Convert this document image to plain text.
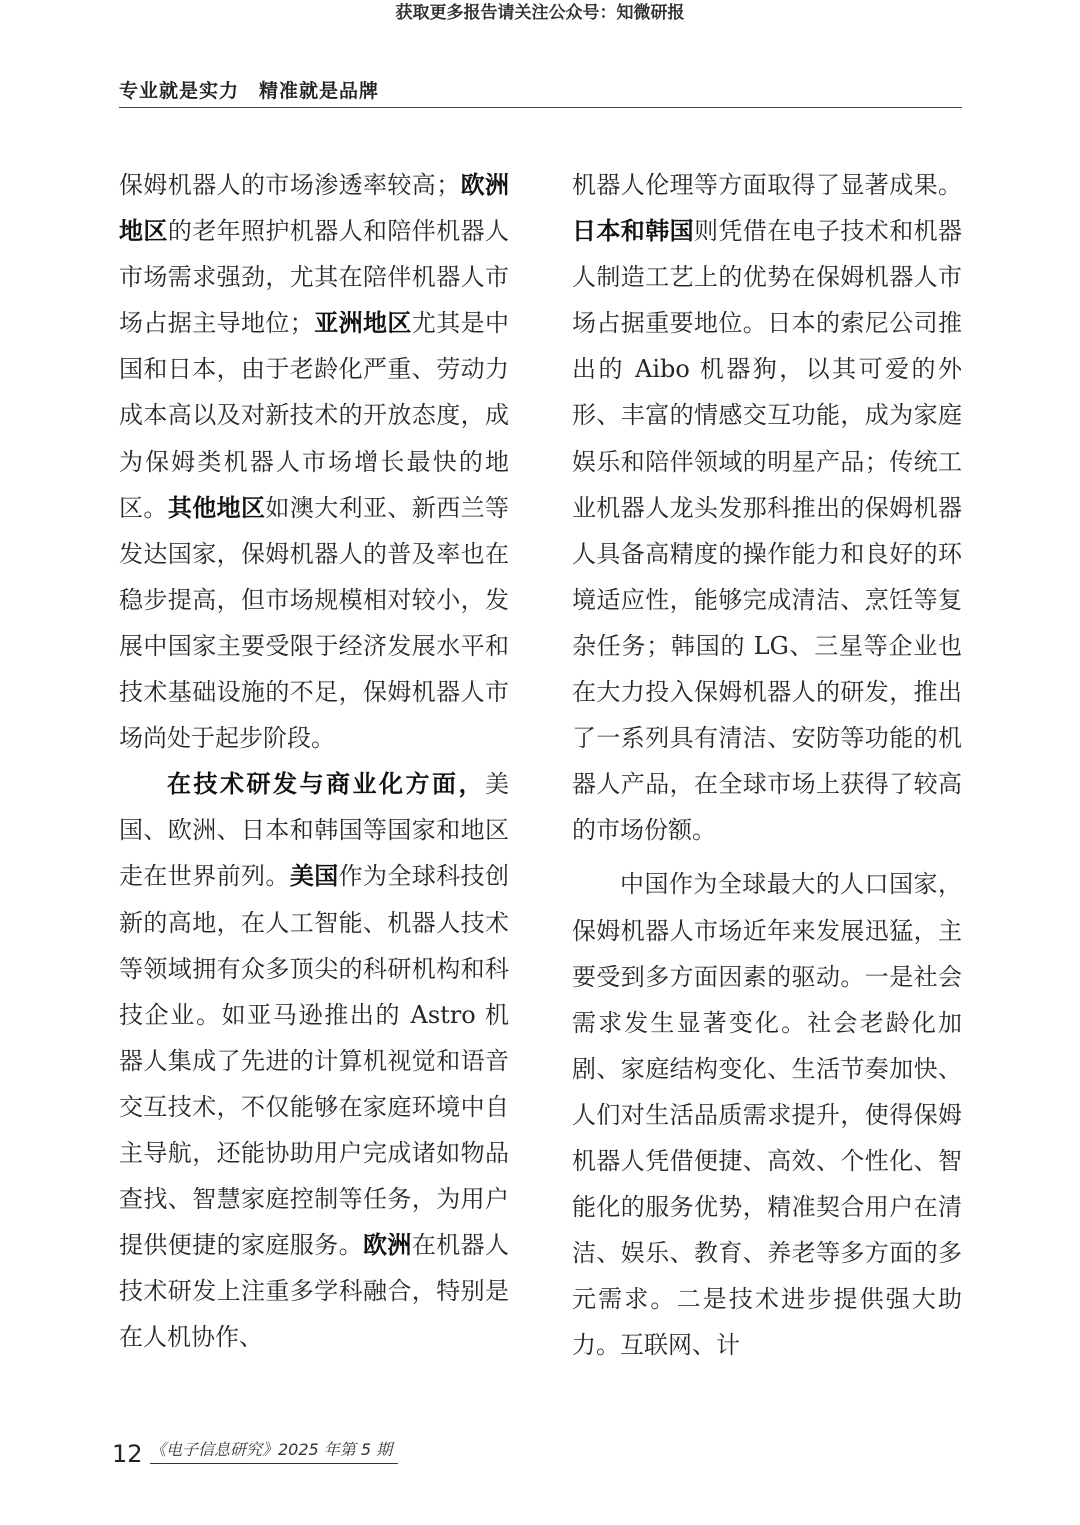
获取更多报告请关注公众号：知微研报
专业就是实力　精准就是品牌

保姆机器人的市场渗透率较高；欧洲地区的老年照护机器人和陪伴机器人市场需求强劲，尤其在陪伴机器人市场占据主导地位；亚洲地区尤其是中国和日本，由于老龄化严重、劳动力成本高以及对新技术的开放态度，成为保姆类机器人市场增长最快的地区。其他地区如澳大利亚、新西兰等发达国家，保姆机器人的普及率也在稳步提高，但市场规模相对较小，发展中国家主要受限于经济发展水平和技术基础设施的不足，保姆机器人市场尚处于起步阶段。

在技术研发与商业化方面，美国、欧洲、日本和韩国等国家和地区走在世界前列。美国作为全球科技创新的高地，在人工智能、机器人技术等领域拥有众多顶尖的科研机构和科技企业。如亚马逊推出的 Astro 机器人集成了先进的计算机视觉和语音交互技术，不仅能够在家庭环境中自主导航，还能协助用户完成诸如物品查找、智慧家庭控制等任务，为用户提供便捷的家庭服务。欧洲在机器人技术研发上注重多学科融合，特别是在人机协作、

机器人伦理等方面取得了显著成果。日本和韩国则凭借在电子技术和机器人制造工艺上的优势在保姆机器人市场占据重要地位。日本的索尼公司推出的 Aibo 机器狗，以其可爱的外形、丰富的情感交互功能，成为家庭娱乐和陪伴领域的明星产品；传统工业机器人龙头发那科推出的保姆机器人具备高精度的操作能力和良好的环境适应性，能够完成清洁、烹饪等复杂任务；韩国的 LG、三星等企业也在大力投入保姆机器人的研发，推出了一系列具有清洁、安防等功能的机器人产品，在全球市场上获得了较高的市场份额。

中国作为全球最大的人口国家，保姆机器人市场近年来发展迅猛，主要受到多方面因素的驱动。一是社会需求发生显著变化。社会老龄化加剧、家庭结构变化、生活节奏加快、人们对生活品质需求提升，使得保姆机器人凭借便捷、高效、个性化、智能化的服务优势，精准契合用户在清洁、娱乐、教育、养老等多方面的多元需求。二是技术进步提供强大助力。互联网、计

12 《电子信息研究》2025 年第 5 期
